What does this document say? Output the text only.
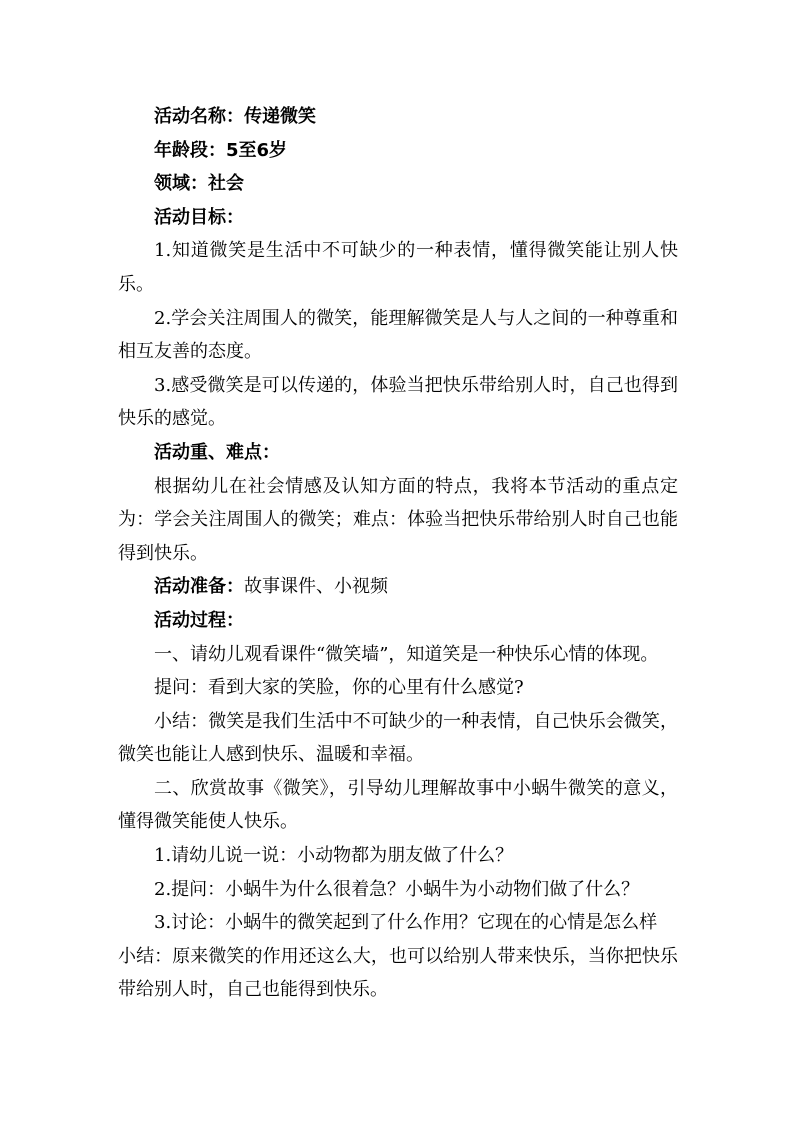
活动名称：传递微笑

年龄段：5至6岁

领域：社会

活动目标：

1.知道微笑是生活中不可缺少的一种表情，懂得微笑能让别人快乐。

2.学会关注周围人的微笑，能理解微笑是人与人之间的一种尊重和相互友善的态度。

3.感受微笑是可以传递的，体验当把快乐带给别人时，自己也得到快乐的感觉。

活动重、难点：

根据幼儿在社会情感及认知方面的特点，我将本节活动的重点定为：学会关注周围人的微笑；难点：体验当把快乐带给别人时自己也能得到快乐。

活动准备：故事课件、小视频

活动过程：

一、请幼儿观看课件“微笑墙”，知道笑是一种快乐心情的体现。

提问：看到大家的笑脸，你的心里有什么感觉?

小结：微笑是我们生活中不可缺少的一种表情，自己快乐会微笑，微笑也能让人感到快乐、温暖和幸福。

二、欣赏故事《微笑》，引导幼儿理解故事中小蜗牛微笑的意义，懂得微笑能使人快乐。

1.请幼儿说一说：小动物都为朋友做了什么？

2.提问：小蜗牛为什么很着急？小蜗牛为小动物们做了什么？

3.讨论：小蜗牛的微笑起到了什么作用？它现在的心情是怎么样

小结：原来微笑的作用还这么大，也可以给别人带来快乐，当你把快乐带给别人时，自己也能得到快乐。
